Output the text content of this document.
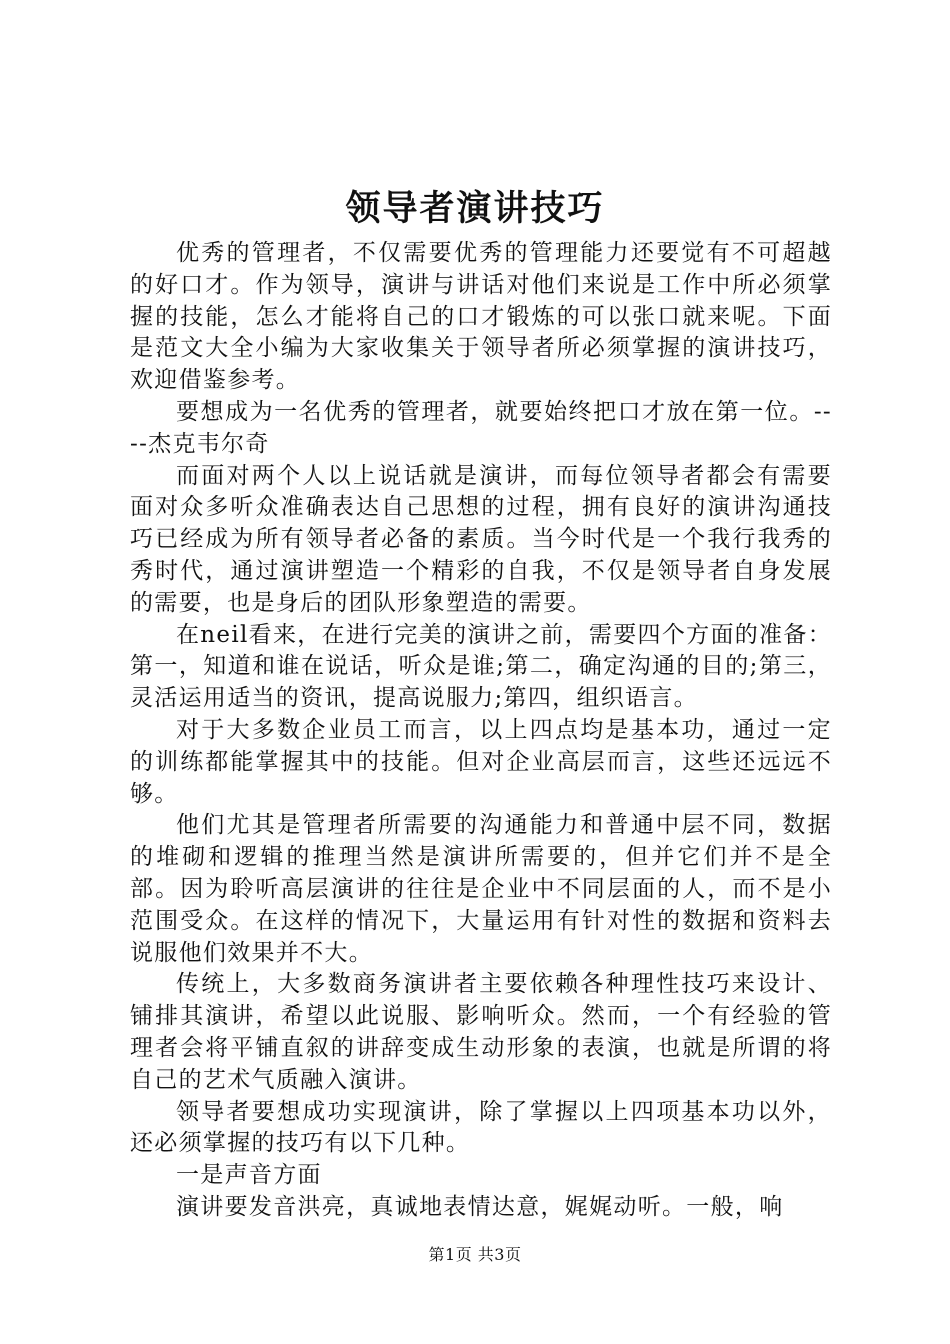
领导者演讲技巧

优秀的管理者，不仅需要优秀的管理能力还要觉有不可超越的好口才。作为领导，演讲与讲话对他们来说是工作中所必须掌握的技能，怎么才能将自己的口才锻炼的可以张口就来呢。下面是范文大全小编为大家收集关于领导者所必须掌握的演讲技巧，欢迎借鉴参考。

要想成为一名优秀的管理者，就要始终把口才放在第一位。----杰克韦尔奇

而面对两个人以上说话就是演讲，而每位领导者都会有需要面对众多听众准确表达自己思想的过程，拥有良好的演讲沟通技巧已经成为所有领导者必备的素质。当今时代是一个我行我秀的秀时代，通过演讲塑造一个精彩的自我，不仅是领导者自身发展的需要，也是身后的团队形象塑造的需要。

在neil看来，在进行完美的演讲之前，需要四个方面的准备：第一，知道和谁在说话，听众是谁;第二，确定沟通的目的;第三，灵活运用适当的资讯，提高说服力;第四，组织语言。

对于大多数企业员工而言，以上四点均是基本功，通过一定的训练都能掌握其中的技能。但对企业高层而言，这些还远远不够。

他们尤其是管理者所需要的沟通能力和普通中层不同，数据的堆砌和逻辑的推理当然是演讲所需要的，但并它们并不是全部。因为聆听高层演讲的往往是企业中不同层面的人，而不是小范围受众。在这样的情况下，大量运用有针对性的数据和资料去说服他们效果并不大。

传统上，大多数商务演讲者主要依赖各种理性技巧来设计、铺排其演讲，希望以此说服、影响听众。然而，一个有经验的管理者会将平铺直叙的讲辞变成生动形象的表演，也就是所谓的将自己的艺术气质融入演讲。

领导者要想成功实现演讲，除了掌握以上四项基本功以外，还必须掌握的技巧有以下几种。

一是声音方面

演讲要发音洪亮，真诚地表情达意，娓娓动听。一般，响

第1页 共3页
